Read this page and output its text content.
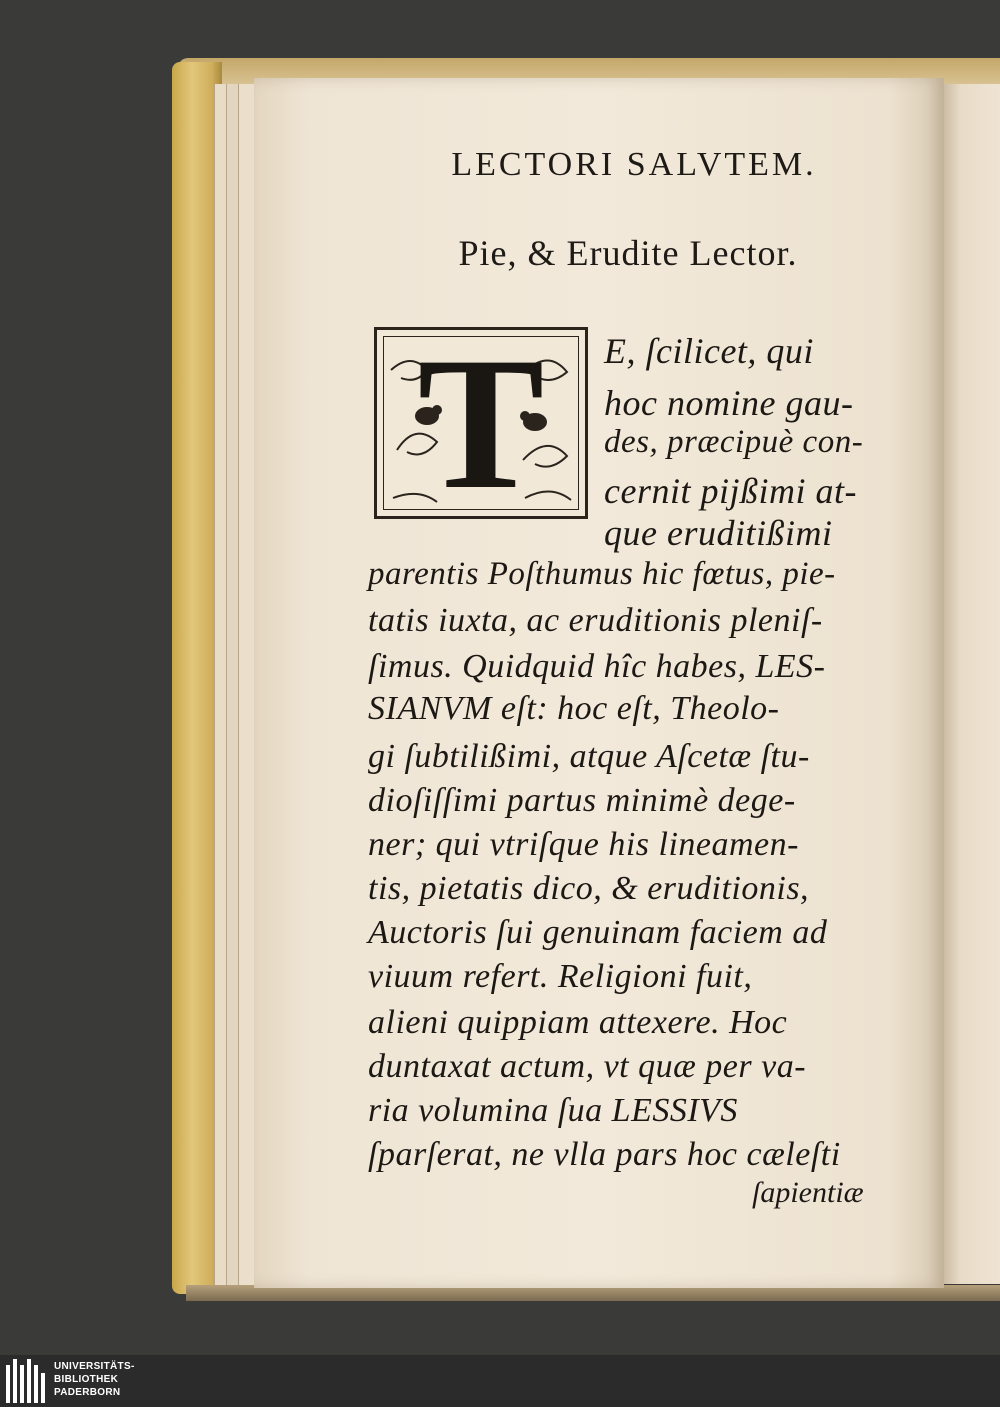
LECTORI SALVTEM.
Pie, & Erudite Lector.
T	E, ſcilicet, qui
hoc nomine gau-
des, præcipuè con-
cernit pijßimi at-
que eruditißimi
parentis Poſthumus hic fœtus, pie-
tatis iuxta, ac eruditionis pleniſ-
ſimus. Quidquid hîc habes, LES-
SIANVM eſt: hoc eſt, Theolo-
gi ſubtilißimi, atque Aſcetæ ſtu-
dioſiſſimi partus minimè dege-
ner; qui vtriſque his lineamen-
tis, pietatis dico, & eruditionis,
Auctoris ſui genuinam faciem ad
viuum refert. Religioni fuit,
alieni quippiam attexere. Hoc
duntaxat actum, vt quæ per va-
ria volumina ſua LESSIVS
ſparſerat, ne vlla pars hoc cæleſti
ſapientiæ
UNIVERSITÄTS-
BIBLIOTHEK
PADERBORN
